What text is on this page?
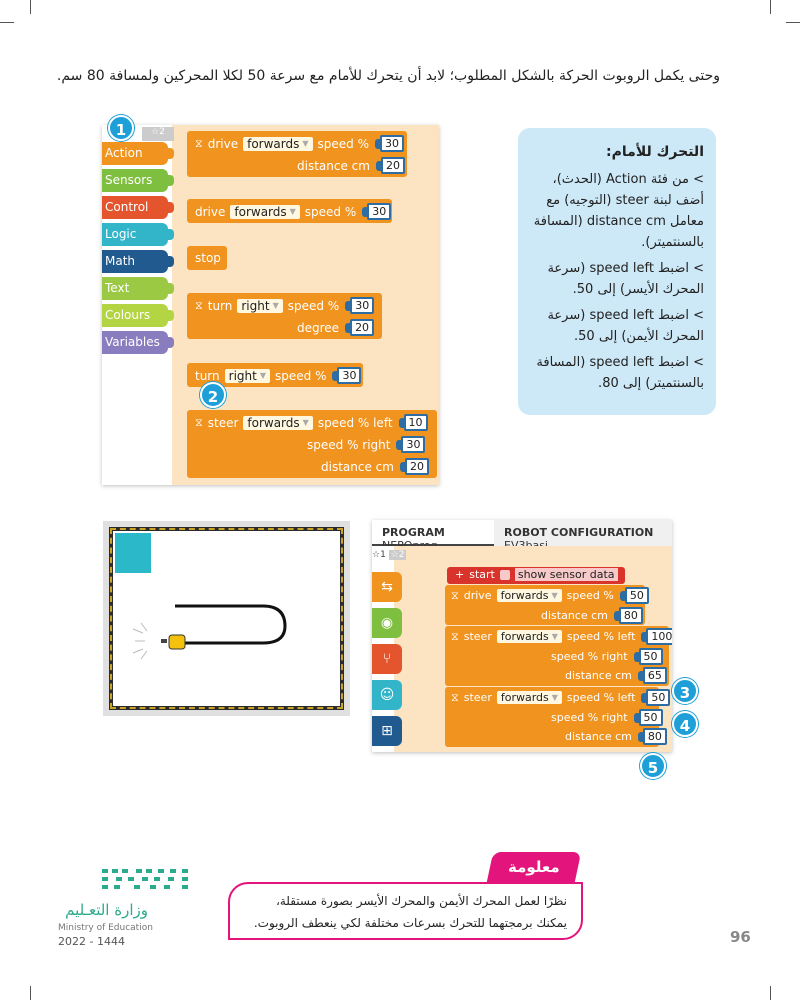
وحتى يكمل الروبوت الحركة بالشكل المطلوب؛ لابد أن يتحرك للأمام مع سرعة 50 لكلا المحركين ولمسافة 80 سم.

☆2
Action
Sensors
Control
Logic
Math
Text
Colours
Variables
⧖ drive forwards ▼ speed %	30
distance cm	20
drive forwards ▼ speed %	30
stop
⧖ turn right ▼ speed %	30
degree	20
turn right ▼ speed %	30
⧖ steer forwards ▼ speed % left	10
speed % right	30
distance cm	20
1
2
التحرك للأمام:

> من فئة Action (الحدث)، أضف لبنة steer (التوجيه) مع معامل distance cm (المسافة بالسنتميتر).

> اضبط speed left (سرعة المحرك الأيسر) إلى 50.

> اضبط speed left (سرعة المحرك الأيمن) إلى 50.

> اضبط speed left (المسافة بالسنتميتر) إلى 80.

PROGRAM	ROBOT CONFIGURATION
☆1 ☆2
⇆
◉
⑂
☺
⊞
+ start show sensor data
⧖ drive forwards ▼ speed %	50
distance cm	80
⧖ steer forwards ▼ speed % left	100
speed % right	50
distance cm	65
⧖ steer forwards ▼ speed % left	50
speed % right	50
distance cm	80
3
4
5
معلومة
نظرًا لعمل المحرك الأيمن والمحرك الأيسر بصورة مستقلة، يمكنك برمجتهما للتحرك بسرعات مختلفة لكي ينعطف الروبوت.
وزارة التعـليم
Ministry of Education
2022 - 1444	96
